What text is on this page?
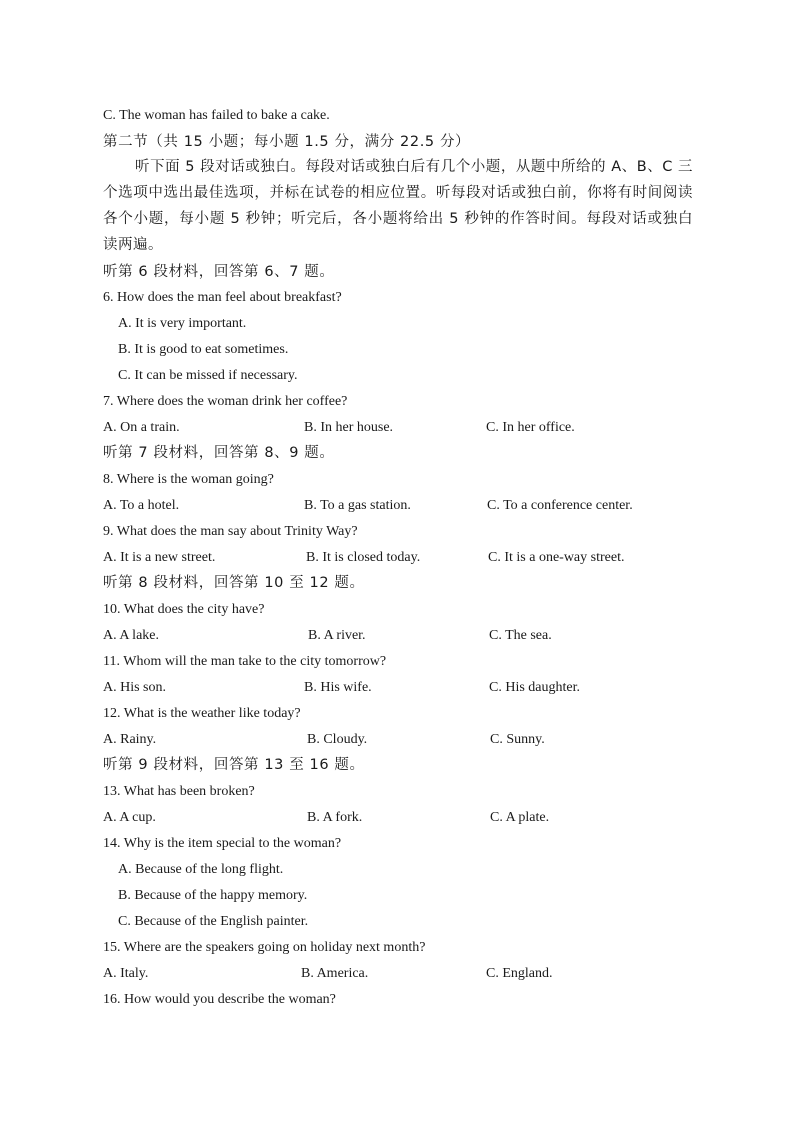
C. The woman has failed to bake a cake.
第二节（共 15 小题；每小题 1.5 分，满分 22.5 分）
听下面 5 段对话或独白。每段对话或独白后有几个小题，从题中所给的 A、B、C 三个选项中选出最佳选项，并标在试卷的相应位置。听每段对话或独白前，你将有时间阅读各个小题，每小题 5 秒钟；听完后，各小题将给出 5 秒钟的作答时间。每段对话或独白读两遍。
听第 6 段材料，回答第 6、7 题。
6. How does the man feel about breakfast?
A. It is very important.
B. It is good to eat sometimes.
C. It can be missed if necessary.
7. Where does the woman drink her coffee?
A. On a train.	B. In her house.	C. In her office.
听第 7 段材料，回答第 8、9 题。
8. Where is the woman going?
A. To a hotel.	B. To a gas station.	C. To a conference center.
9. What does the man say about Trinity Way?
A. It is a new street.	B. It is closed today.	C. It is a one-way street.
听第 8 段材料，回答第 10 至 12 题。
10. What does the city have?
A. A lake.	B. A river.	C. The sea.
11. Whom will the man take to the city tomorrow?
A. His son.	B. His wife.	C. His daughter.
12. What is the weather like today?
A. Rainy.	B. Cloudy.	C. Sunny.
听第 9 段材料，回答第 13 至 16 题。
13. What has been broken?
A. A cup.	B. A fork.	C. A plate.
14. Why is the item special to the woman?
A. Because of the long flight.
B. Because of the happy memory.
C. Because of the English painter.
15. Where are the speakers going on holiday next month?
A. Italy.	B. America.	C. England.
16. How would you describe the woman?
